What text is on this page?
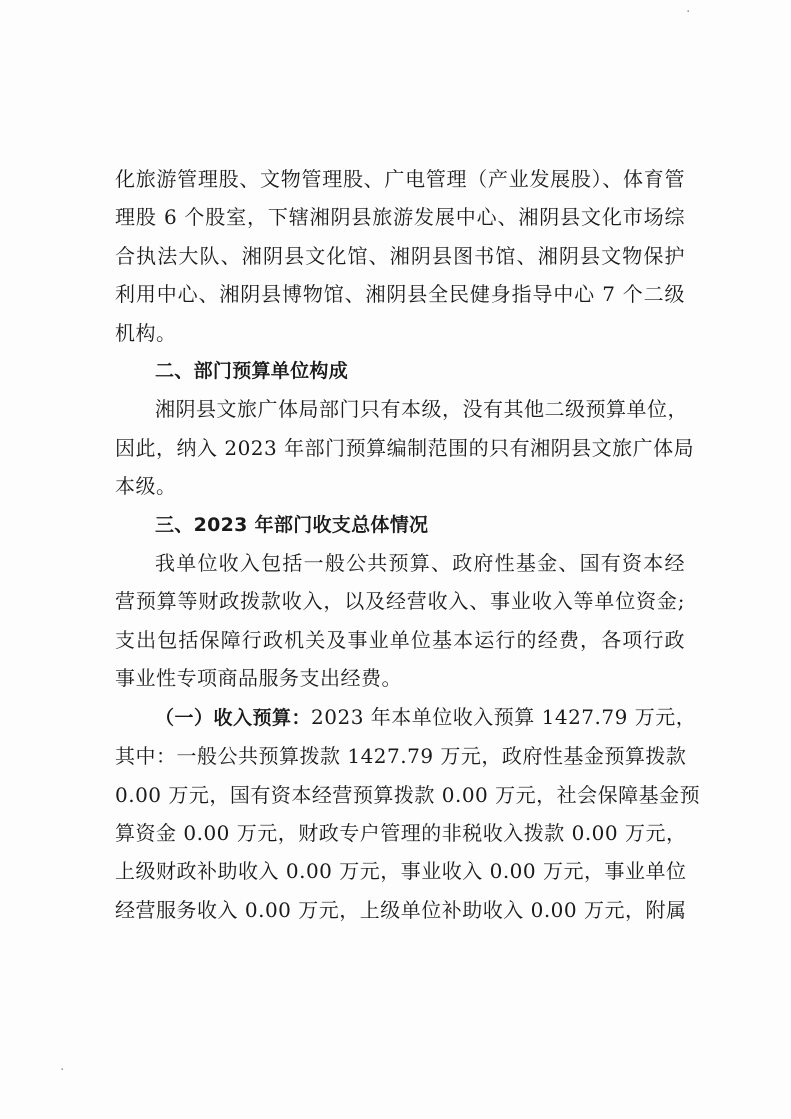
·
·

化旅游管理股、文物管理股、广电管理（产业发展股）、体育管

理股 6 个股室，下辖湘阴县旅游发展中心、湘阴县文化市场综

合执法大队、湘阴县文化馆、湘阴县图书馆、湘阴县文物保护

利用中心、湘阴县博物馆、湘阴县全民健身指导中心 7 个二级

机构。

二、部门预算单位构成

湘阴县文旅广体局部门只有本级，没有其他二级预算单位，

因此，纳入 2023 年部门预算编制范围的只有湘阴县文旅广体局

本级。

三、2023 年部门收支总体情况

我单位收入包括一般公共预算、政府性基金、国有资本经

营预算等财政拨款收入，以及经营收入、事业收入等单位资金;

支出包括保障行政机关及事业单位基本运行的经费，各项行政

事业性专项商品服务支出经费。

（一）收入预算：2023 年本单位收入预算 1427.79 万元，

其中：一般公共预算拨款 1427.79 万元，政府性基金预算拨款

0.00 万元，国有资本经营预算拨款 0.00 万元，社会保障基金预

算资金 0.00 万元，财政专户管理的非税收入拨款 0.00 万元，

上级财政补助收入 0.00 万元，事业收入 0.00 万元，事业单位

经营服务收入 0.00 万元，上级单位补助收入 0.00 万元，附属
